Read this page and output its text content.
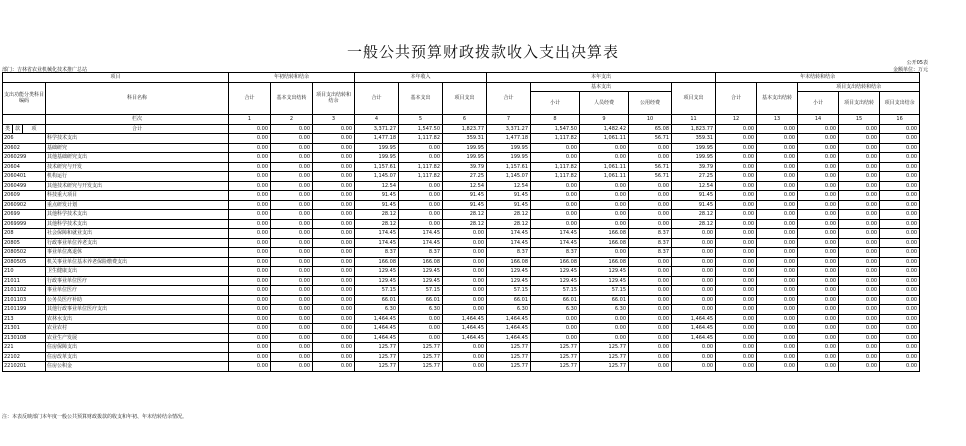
一般公共预算财政拨款收入支出决算表
公开05表
部门：吉林省农业机械化技术推广总站	金额单位：万元
项目				年初结转和结余			本年收入			本年支出					年末结转和结余				
支出功能分类科目编码			科目名称	合计	基本支出结转	项目支出结转和结余	合计	基本支出	项目支出	合计	基本支出			项目支出	合计	基本支出结转	项目支出结转和结余		
											小计	人员经费	公用经费				小计	项目支出结转	项目支出结余
			栏次	1	2	3	4	5	6	7	8	9	10	11	12	13	14	15	16
类	款	项	合计	0.00	0.00	0.00	3,371.27	1,547.50	1,823.77	3,371.27	1,547.50	1,482.42	65.08	1,823.77	0.00	0.00	0.00	0.00	0.00
206			科学技术支出	0.00	0.00	0.00	1,477.18	1,117.82	359.31	1,477.18	1,117.82	1,061.11	56.71	359.31	0.00	0.00	0.00	0.00	0.00
20602			基础研究	0.00	0.00	0.00	199.95	0.00	199.95	199.95	0.00	0.00	0.00	199.95	0.00	0.00	0.00	0.00	0.00
2060299			其他基础研究支出	0.00	0.00	0.00	199.95	0.00	199.95	199.95	0.00	0.00	0.00	199.95	0.00	0.00	0.00	0.00	0.00
20604			技术研究与开发	0.00	0.00	0.00	1,157.61	1,117.82	39.79	1,157.61	1,117.82	1,061.11	56.71	39.79	0.00	0.00	0.00	0.00	0.00
2060401			机构运行	0.00	0.00	0.00	1,145.07	1,117.82	27.25	1,145.07	1,117.82	1,061.11	56.71	27.25	0.00	0.00	0.00	0.00	0.00
2060499			其他技术研究与开发支出	0.00	0.00	0.00	12.54	0.00	12.54	12.54	0.00	0.00	0.00	12.54	0.00	0.00	0.00	0.00	0.00
20609			科技重大项目	0.00	0.00	0.00	91.45	0.00	91.45	91.45	0.00	0.00	0.00	91.45	0.00	0.00	0.00	0.00	0.00
2060902			重点研发计划	0.00	0.00	0.00	91.45	0.00	91.45	91.45	0.00	0.00	0.00	91.45	0.00	0.00	0.00	0.00	0.00
20699			其他科学技术支出	0.00	0.00	0.00	28.12	0.00	28.12	28.12	0.00	0.00	0.00	28.12	0.00	0.00	0.00	0.00	0.00
2069999			其他科学技术支出	0.00	0.00	0.00	28.12	0.00	28.12	28.12	0.00	0.00	0.00	28.12	0.00	0.00	0.00	0.00	0.00
208			社会保障和就业支出	0.00	0.00	0.00	174.45	174.45	0.00	174.45	174.45	166.08	8.37	0.00	0.00	0.00	0.00	0.00	0.00
20805			行政事业单位养老支出	0.00	0.00	0.00	174.45	174.45	0.00	174.45	174.45	166.08	8.37	0.00	0.00	0.00	0.00	0.00	0.00
2080502			事业单位离退休	0.00	0.00	0.00	8.37	8.37	0.00	8.37	8.37	0.00	8.37	0.00	0.00	0.00	0.00	0.00	0.00
2080505			机关事业单位基本养老保险缴费支出	0.00	0.00	0.00	166.08	166.08	0.00	166.08	166.08	166.08	0.00	0.00	0.00	0.00	0.00	0.00	0.00
210			卫生健康支出	0.00	0.00	0.00	129.45	129.45	0.00	129.45	129.45	129.45	0.00	0.00	0.00	0.00	0.00	0.00	0.00
21011			行政事业单位医疗	0.00	0.00	0.00	129.45	129.45	0.00	129.45	129.45	129.45	0.00	0.00	0.00	0.00	0.00	0.00	0.00
2101102			事业单位医疗	0.00	0.00	0.00	57.15	57.15	0.00	57.15	57.15	57.15	0.00	0.00	0.00	0.00	0.00	0.00	0.00
2101103			公务员医疗补助	0.00	0.00	0.00	66.01	66.01	0.00	66.01	66.01	66.01	0.00	0.00	0.00	0.00	0.00	0.00	0.00
2101199			其他行政事业单位医疗支出	0.00	0.00	0.00	6.30	6.30	0.00	6.30	6.30	6.30	0.00	0.00	0.00	0.00	0.00	0.00	0.00
213			农林水支出	0.00	0.00	0.00	1,464.45	0.00	1,464.45	1,464.45	0.00	0.00	0.00	1,464.45	0.00	0.00	0.00	0.00	0.00
21301			农业农村	0.00	0.00	0.00	1,464.45	0.00	1,464.45	1,464.45	0.00	0.00	0.00	1,464.45	0.00	0.00	0.00	0.00	0.00
2130108			农业生产发展	0.00	0.00	0.00	1,464.45	0.00	1,464.45	1,464.45	0.00	0.00	0.00	1,464.45	0.00	0.00	0.00	0.00	0.00
221			住房保障支出	0.00	0.00	0.00	125.77	125.77	0.00	125.77	125.77	125.77	0.00	0.00	0.00	0.00	0.00	0.00	0.00
22102			住房改革支出	0.00	0.00	0.00	125.77	125.77	0.00	125.77	125.77	125.77	0.00	0.00	0.00	0.00	0.00	0.00	0.00
2210201			住房公积金	0.00	0.00	0.00	125.77	125.77	0.00	125.77	125.77	125.77	0.00	0.00	0.00	0.00	0.00	0.00	0.00
注：本表反映部门本年度一般公共预算财政拨款的收支和年初、年末结转结余情况。
